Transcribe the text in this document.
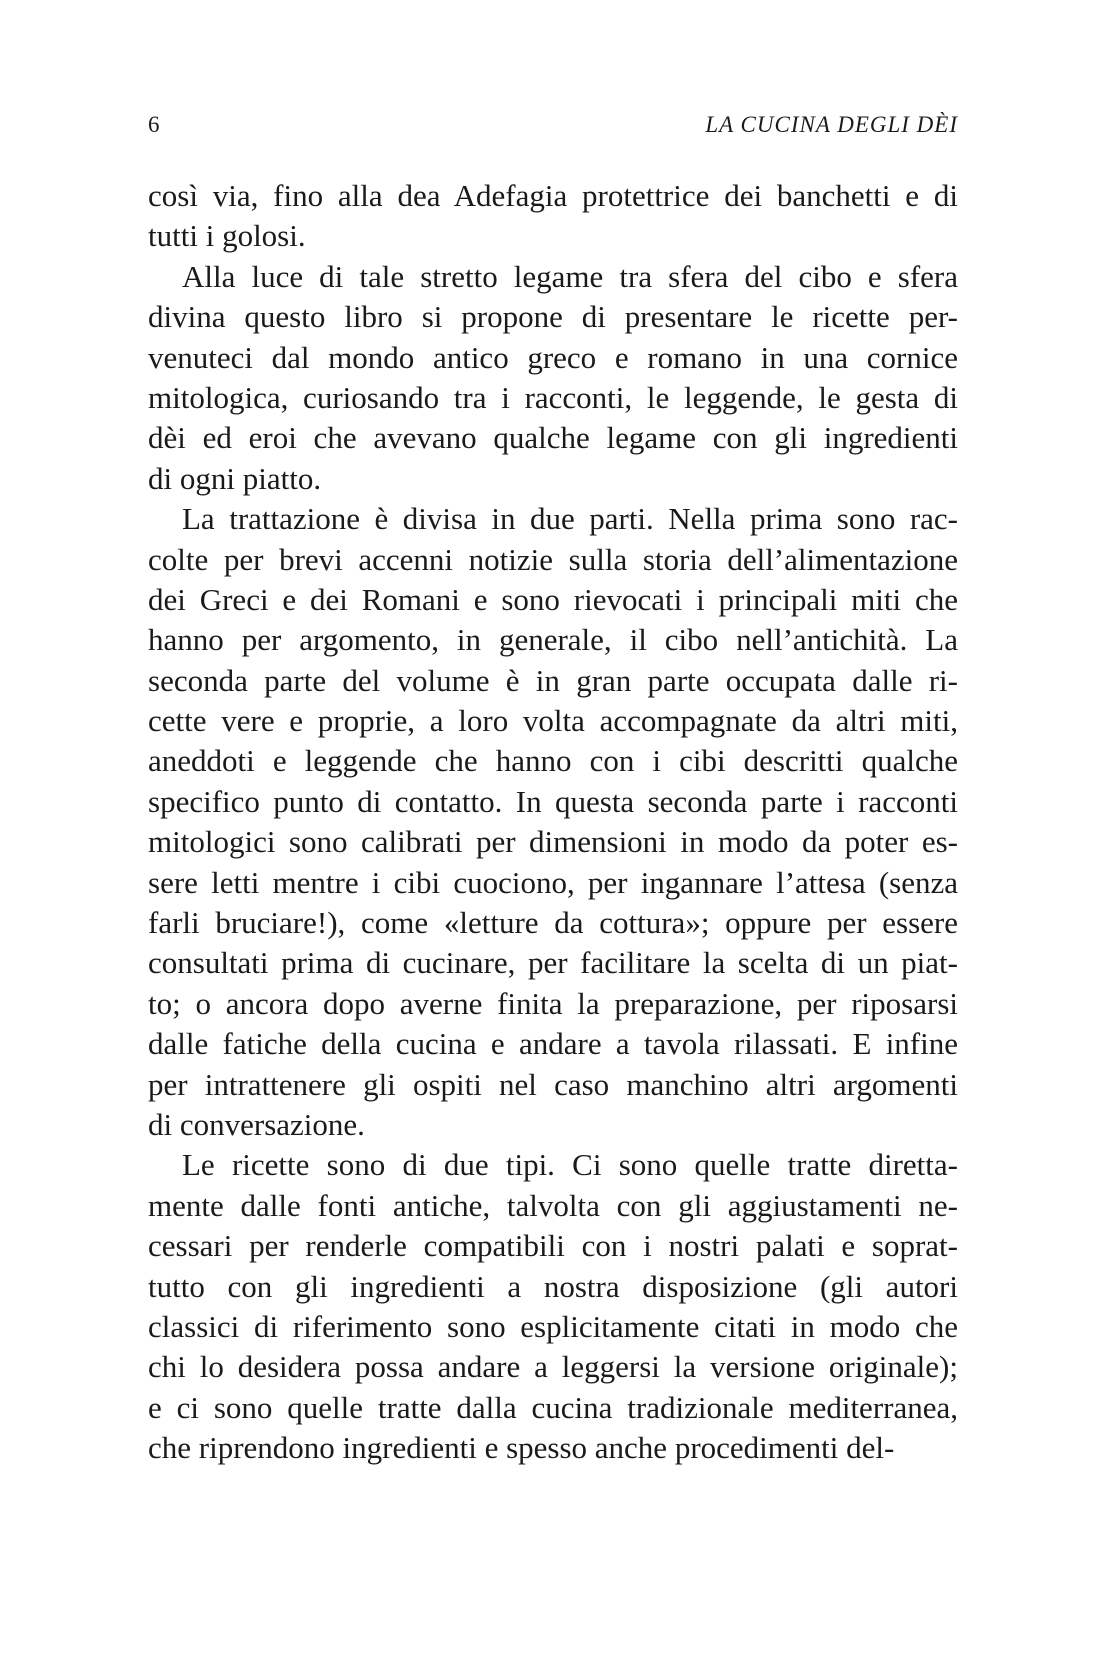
6	LA CUCINA DEGLI DÈI
così via, fino alla dea Adefagia protettrice dei banchetti e di
tutti i golosi.
Alla luce di tale stretto legame tra sfera del cibo e sfera
divina questo libro si propone di presentare le ricette per-
venuteci dal mondo antico greco e romano in una cornice
mitologica, curiosando tra i racconti, le leggende, le gesta di
dèi ed eroi che avevano qualche legame con gli ingredienti
di ogni piatto.
La trattazione è divisa in due parti. Nella prima sono rac-
colte per brevi accenni notizie sulla storia dell’alimentazione
dei Greci e dei Romani e sono rievocati i principali miti che
hanno per argomento, in generale, il cibo nell’antichità. La
seconda parte del volume è in gran parte occupata dalle ri-
cette vere e proprie, a loro volta accompagnate da altri miti,
aneddoti e leggende che hanno con i cibi descritti qualche
specifico punto di contatto. In questa seconda parte i racconti
mitologici sono calibrati per dimensioni in modo da poter es-
sere letti mentre i cibi cuociono, per ingannare l’attesa (senza
farli bruciare!), come «letture da cottura»; oppure per essere
consultati prima di cucinare, per facilitare la scelta di un piat-
to; o ancora dopo averne finita la preparazione, per riposarsi
dalle fatiche della cucina e andare a tavola rilassati. E infine
per intrattenere gli ospiti nel caso manchino altri argomenti
di conversazione.
Le ricette sono di due tipi. Ci sono quelle tratte diretta-
mente dalle fonti antiche, talvolta con gli aggiustamenti ne-
cessari per renderle compatibili con i nostri palati e soprat-
tutto con gli ingredienti a nostra disposizione (gli autori
classici di riferimento sono esplicitamente citati in modo che
chi lo desidera possa andare a leggersi la versione originale);
e ci sono quelle tratte dalla cucina tradizionale mediterranea,
che riprendono ingredienti e spesso anche procedimenti del-
